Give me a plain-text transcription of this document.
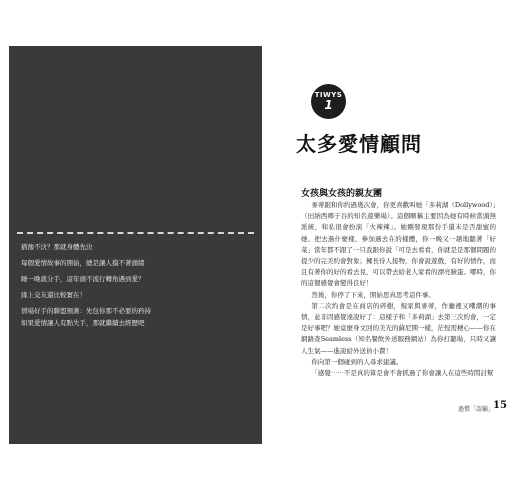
猶豫不決？那就身體先決
每個愛情故事的開始，總是讓人摸不著頭緒
睡一晚就分手，這年頭不流行轉角遇到愛？
緣上交友還比較實在！
情場好手的聯盟預測：先包你那不必要的矜持
如果愛情讓人有點失手，那就繼續去經歷吧
TIWYS
1
太多愛情顧問
女孩與女孩的親友團

麥蒂跟和你約過幾次會，你更喜歡叫她「多莉湖（Dollywood）」（田納西鄉子谷的知名遊樂場）。這個暱稱主要因為她有時候當頭無派統，和私很會扮演「火辣辣」。她剛發現那份手還未是否甜蜜的她、把去過什麼樣、參加過去在的樣體，你一晚又一趟地聽著「好菜」當年都不跟了一只我跟你說「可是去看看，你就是是那個問題的提少的完美約會對象；擁長待人接物，你會說遊戲，有好的情作，而且有著你的好的看去見，可以帶去給老人家看的漂亮臉蛋。哪時，你的這個感覺會變得良好！

然後，你停了下來，開始思真思考這件事。

第二次約會是在商店的碎樹，規家與麥蒂，作廳裡又嘲潮的事情，並非因感覺達說好了：這樣子和「多莉湖」去第三次約會，一定是好事吧？她竟麼身文回的美光的蘇尼開一樣，茫惶需梗心——你在網路查Seamless（知名餐飲外送服務網站）為你打聽場，只時又讓人生氣——進說給外送員小費！

你向第一個碰到的人尋求建議。

「感覺⋯⋯不是真的算是會不會抓過了你會讓人在這些時間討幫

過慣「認輸」
15
